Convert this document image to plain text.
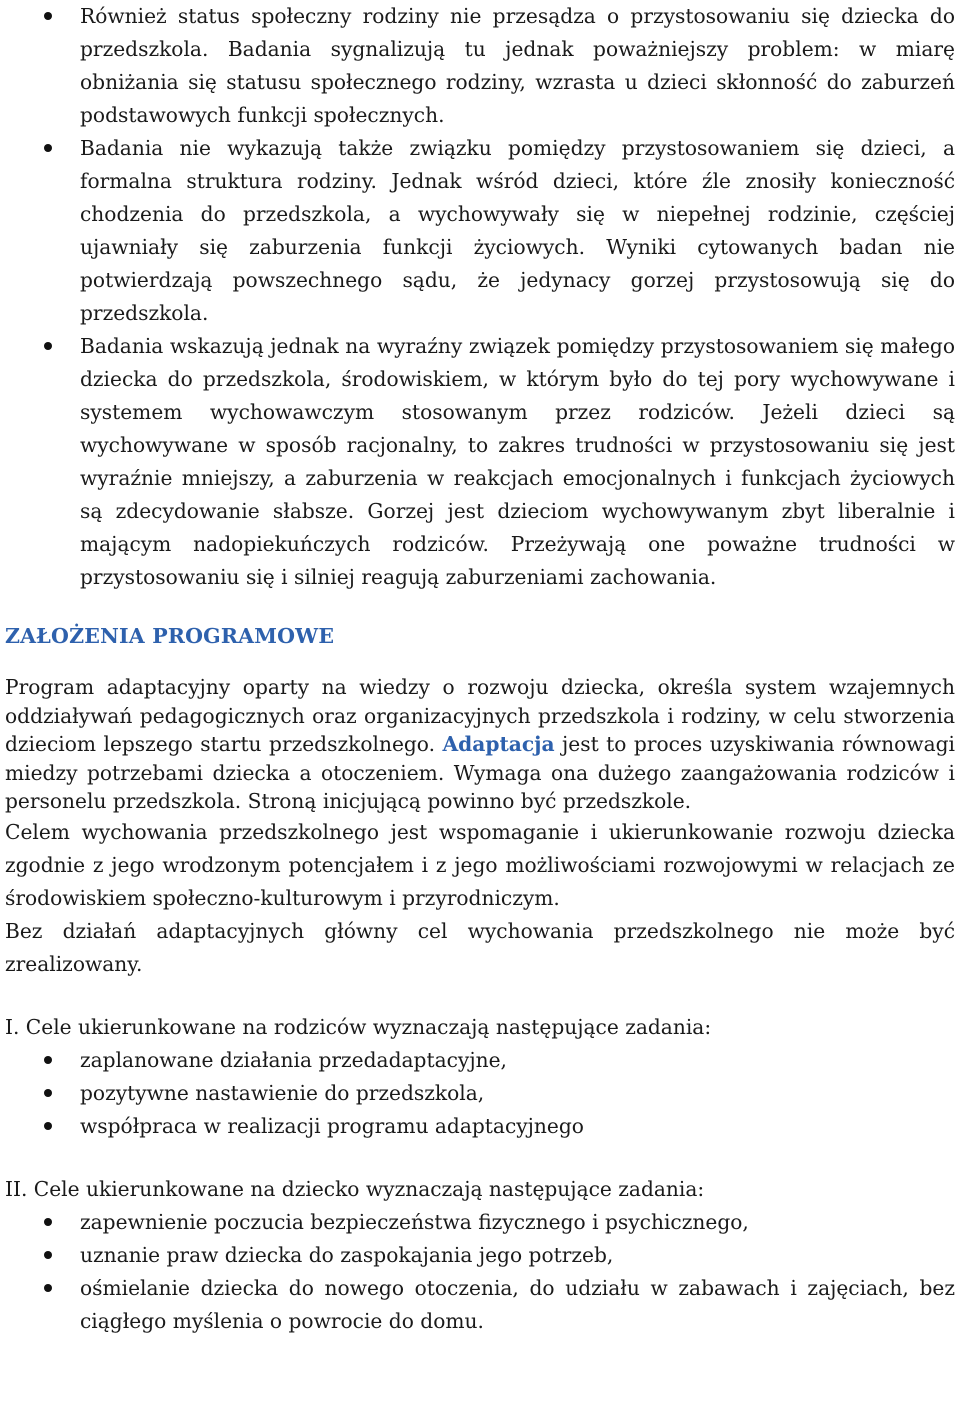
Również status społeczny rodziny nie przesądza o przystosowaniu się dziecka do przedszkola. Badania sygnalizują tu jednak poważniejszy problem: w miarę obniżania się statusu społecznego rodziny, wzrasta u dzieci skłonność do zaburzeń podstawowych funkcji społecznych.
Badania nie wykazują także związku pomiędzy przystosowaniem się dzieci, a formalna struktura rodziny. Jednak wśród dzieci, które źle znosiły konieczność chodzenia do przedszkola, a wychowywały się w niepełnej rodzinie, częściej ujawniały się zaburzenia funkcji życiowych. Wyniki cytowanych badan nie potwierdzają powszechnego sądu, że jedynacy gorzej przystosowują się do przedszkola.
Badania wskazują jednak na wyraźny związek pomiędzy przystosowaniem się małego dziecka do przedszkola, środowiskiem, w którym było do tej pory wychowywane i systemem wychowawczym stosowanym przez rodziców. Jeżeli dzieci są wychowywane w sposób racjonalny, to zakres trudności w przystosowaniu się jest wyraźnie mniejszy, a zaburzenia w reakcjach emocjonalnych i funkcjach życiowych są zdecydowanie słabsze. Gorzej jest dzieciom wychowywanym zbyt liberalnie i mającym nadopiekuńczych rodziców. Przeżywają one poważne trudności w przystosowaniu się i silniej reagują zaburzeniami zachowania.
ZAŁOŻENIA PROGRAMOWE

Program adaptacyjny oparty na wiedzy o rozwoju dziecka, określa system wzajemnych oddziaływań pedagogicznych oraz organizacyjnych przedszkola i rodziny, w celu stworzenia dzieciom lepszego startu przedszkolnego. Adaptacja jest to proces uzyskiwania równowagi miedzy potrzebami dziecka a otoczeniem. Wymaga ona dużego zaangażowania rodziców i personelu przedszkola. Stroną inicjującą powinno być przedszkole.

Celem wychowania przedszkolnego jest wspomaganie i ukierunkowanie rozwoju dziecka zgodnie z jego wrodzonym potencjałem i z jego możliwościami rozwojowymi w relacjach ze środowiskiem społeczno-kulturowym i przyrodniczym.

Bez działań adaptacyjnych główny cel wychowania przedszkolnego nie może być zrealizowany.

I. Cele ukierunkowane na rodziców wyznaczają następujące zadania:

zaplanowane działania przedadaptacyjne,
pozytywne nastawienie do przedszkola,
współpraca w realizacji programu adaptacyjnego

II. Cele ukierunkowane na dziecko wyznaczają następujące zadania:

zapewnienie poczucia bezpieczeństwa fizycznego i psychicznego,
uznanie praw dziecka do zaspokajania jego potrzeb,
ośmielanie dziecka do nowego otoczenia, do udziału w zabawach i zajęciach, bez ciągłego myślenia o powrocie do domu.
